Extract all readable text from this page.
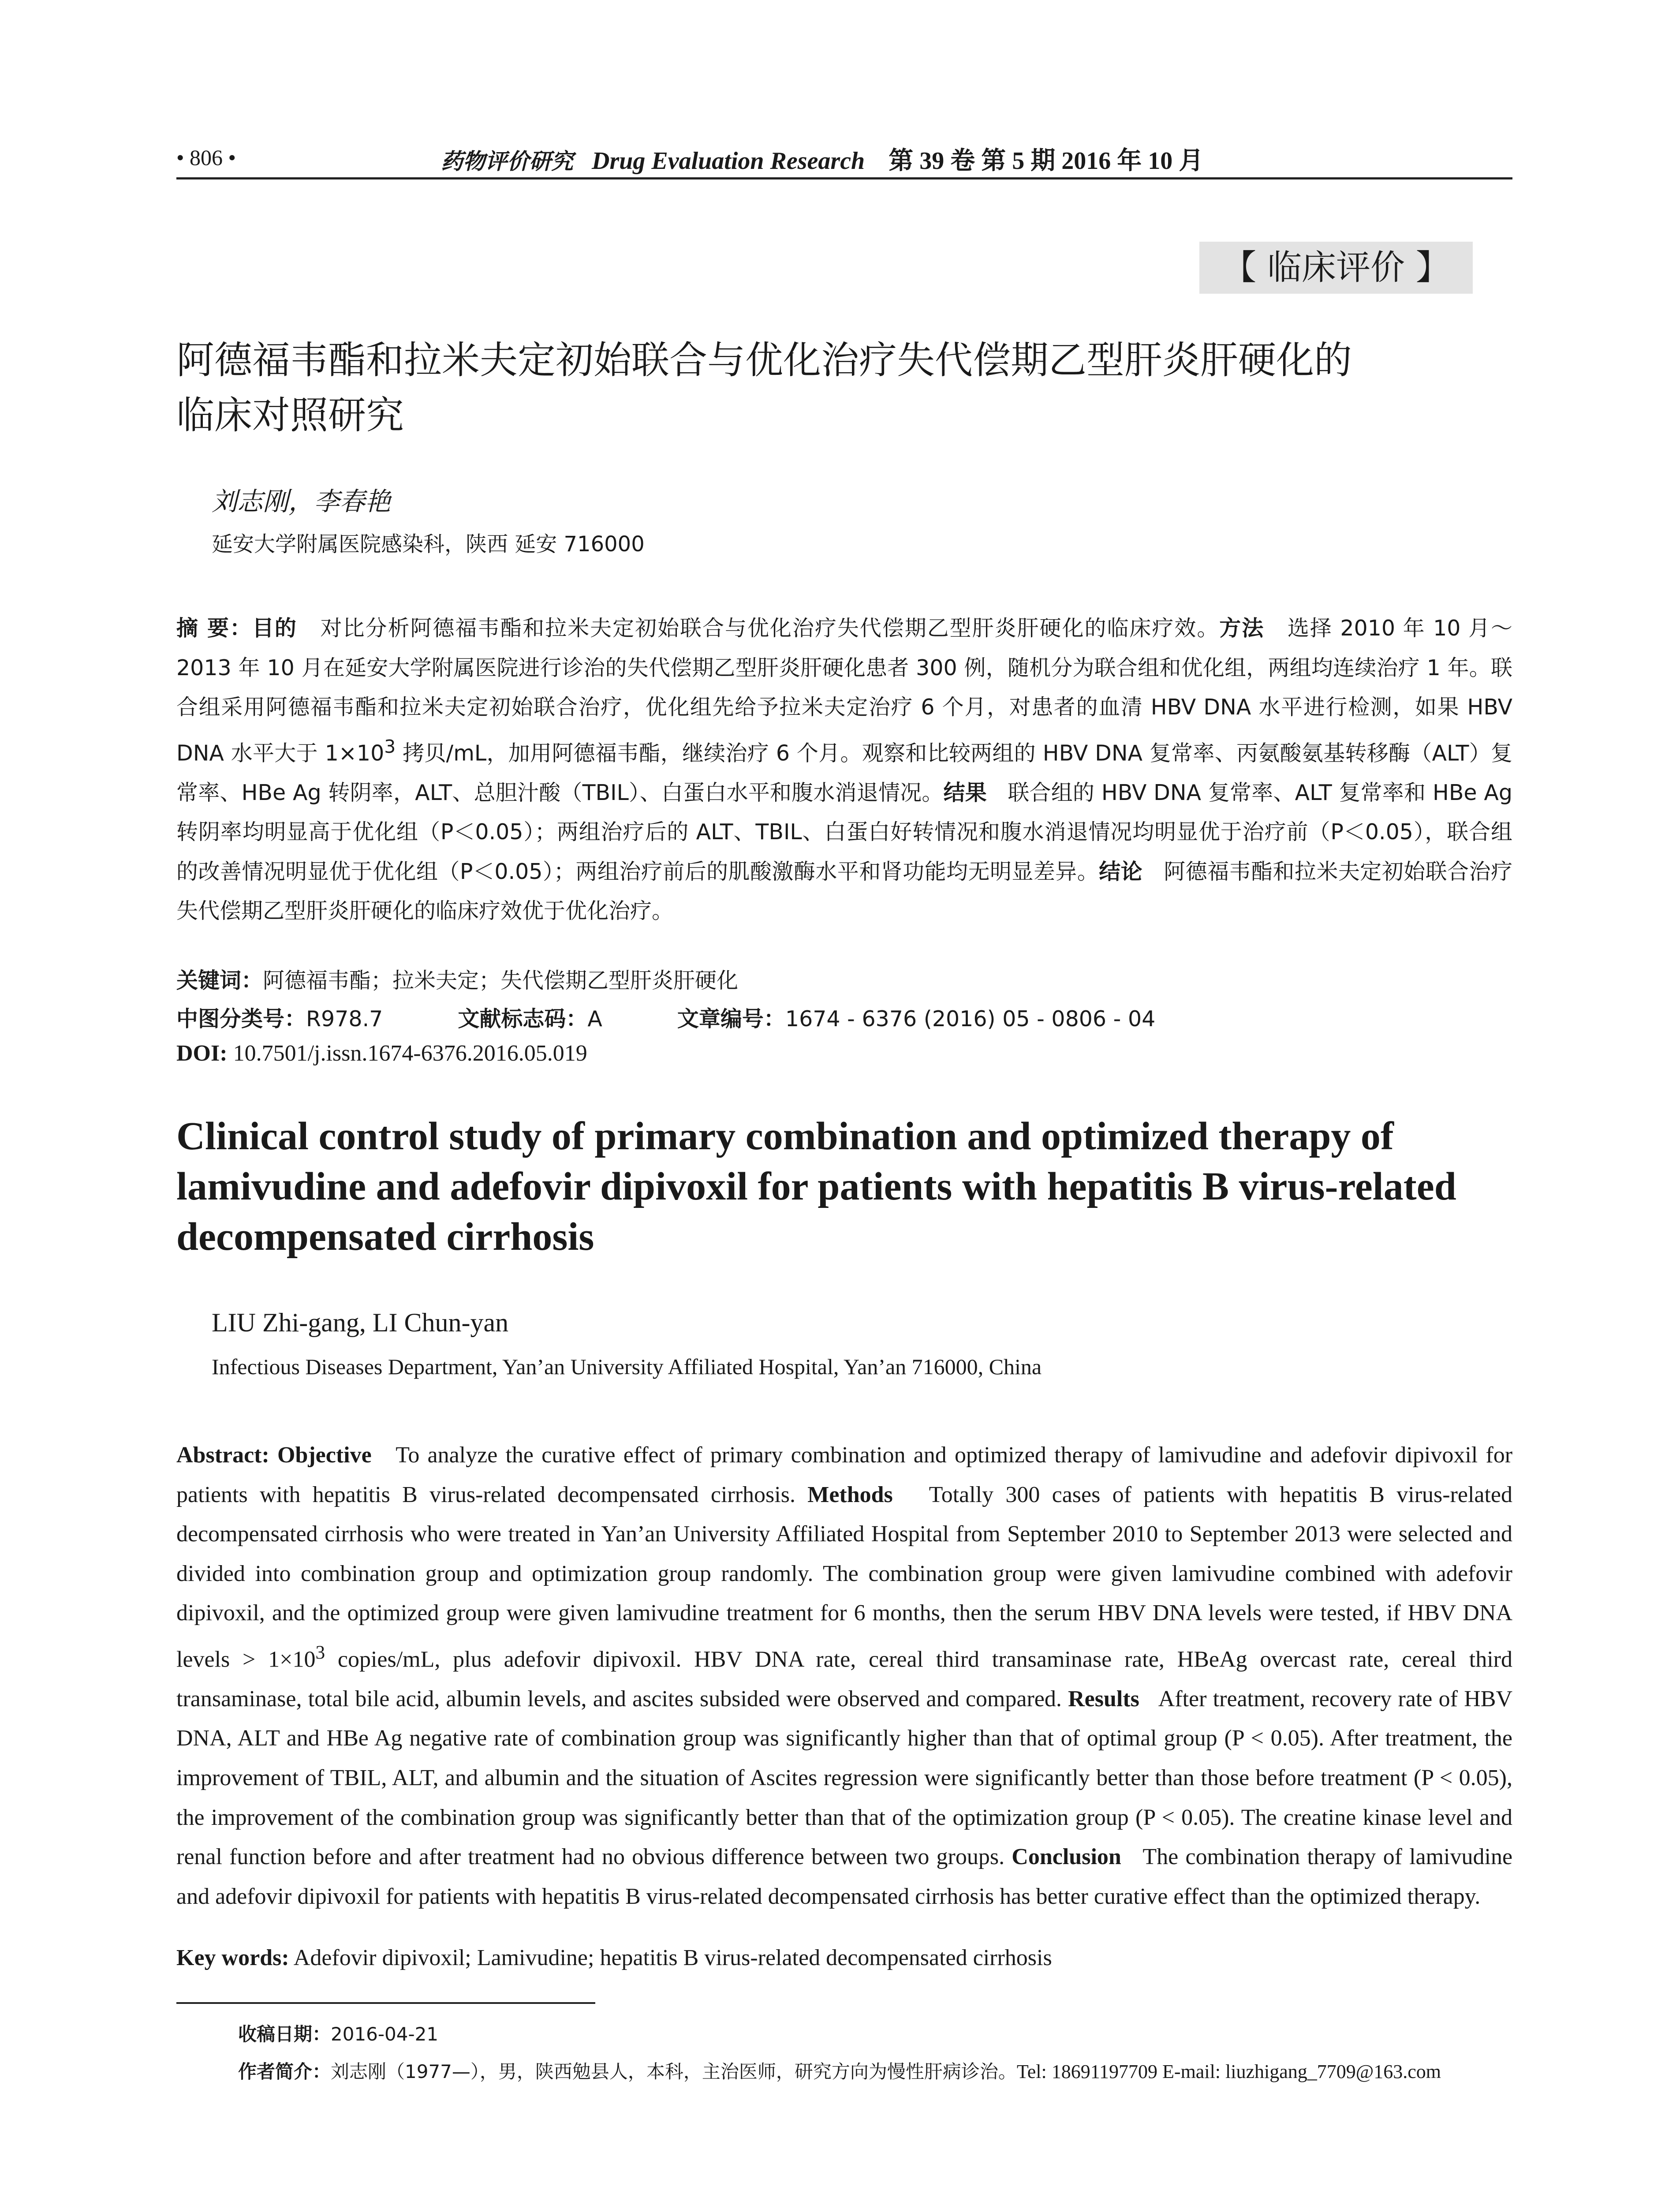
• 806 •	药物评价研究 Drug Evaluation Research 第 39 卷 第 5 期 2016 年 10 月
【 临床评价 】
阿德福韦酯和拉米夫定初始联合与优化治疗失代偿期乙型肝炎肝硬化的
临床对照研究
刘志刚，李春艳
延安大学附属医院感染科，陕西 延安 716000
摘 要：目的 对比分析阿德福韦酯和拉米夫定初始联合与优化治疗失代偿期乙型肝炎肝硬化的临床疗效。方法 选择 2010 年 10 月～2013 年 10 月在延安大学附属医院进行诊治的失代偿期乙型肝炎肝硬化患者 300 例，随机分为联合组和优化组，两组均连续治疗 1 年。联合组采用阿德福韦酯和拉米夫定初始联合治疗，优化组先给予拉米夫定治疗 6 个月，对患者的血清 HBV DNA 水平进行检测，如果 HBV DNA 水平大于 $1\times 10^3$ 拷贝/mL，加用阿德福韦酯，继续治疗 6 个月。观察和比较两组的 HBV DNA 复常率、丙氨酸氨基转移酶（ALT）复常率、HBe Ag 转阴率，ALT、总胆汁酸（TBIL）、白蛋白水平和腹水消退情况。结果 联合组的 HBV DNA 复常率、ALT 复常率和 HBe Ag 转阴率均明显高于优化组（P＜0.05）；两组治疗后的 ALT、TBIL、白蛋白好转情况和腹水消退情况均明显优于治疗前（P＜0.05），联合组的改善情况明显优于优化组（P＜0.05）；两组治疗前后的肌酸激酶水平和肾功能均无明显差异。结论 阿德福韦酯和拉米夫定初始联合治疗失代偿期乙型肝炎肝硬化的临床疗效优于优化治疗。
关键词：阿德福韦酯；拉米夫定；失代偿期乙型肝炎肝硬化
中图分类号：R978.7	文献标志码：A	文章编号：1674 - 6376 (2016) 05 - 0806 - 04
DOI: 10.7501/j.issn.1674-6376.2016.05.019
Clinical control study of primary combination and optimized therapy of
lamivudine and adefovir dipivoxil for patients with hepatitis B virus-related
decompensated cirrhosis
LIU Zhi-gang, LI Chun-yan
Infectious Diseases Department, Yan’an University Affiliated Hospital, Yan’an 716000, China
Abstract: Objective To analyze the curative effect of primary combination and optimized therapy of lamivudine and adefovir dipivoxil for patients with hepatitis B virus-related decompensated cirrhosis. Methods Totally 300 cases of patients with hepatitis B virus-related decompensated cirrhosis who were treated in Yan’an University Affiliated Hospital from September 2010 to September 2013 were selected and divided into combination group and optimization group randomly. The combination group were given lamivudine combined with adefovir dipivoxil, and the optimized group were given lamivudine treatment for 6 months, then the serum HBV DNA levels were tested, if HBV DNA levels > $1\times 10^3$ copies/mL, plus adefovir dipivoxil. HBV DNA rate, cereal third transaminase rate, HBeAg overcast rate, cereal third transaminase, total bile acid, albumin levels, and ascites subsided were observed and compared. Results After treatment, recovery rate of HBV DNA, ALT and HBe Ag negative rate of combination group was significantly higher than that of optimal group (P < 0.05). After treatment, the improvement of TBIL, ALT, and albumin and the situation of Ascites regression were significantly better than those before treatment (P < 0.05), the improvement of the combination group was significantly better than that of the optimization group (P < 0.05). The creatine kinase level and renal function before and after treatment had no obvious difference between two groups. Conclusion The combination therapy of lamivudine and adefovir dipivoxil for patients with hepatitis B virus-related decompensated cirrhosis has better curative effect than the optimized therapy.
Key words: Adefovir dipivoxil; Lamivudine; hepatitis B virus-related decompensated cirrhosis
收稿日期：2016-04-21
作者简介：刘志刚（1977—），男，陕西勉县人，本科，主治医师，研究方向为慢性肝病诊治。Tel: 18691197709 E-mail: liuzhigang_7709@163.com
